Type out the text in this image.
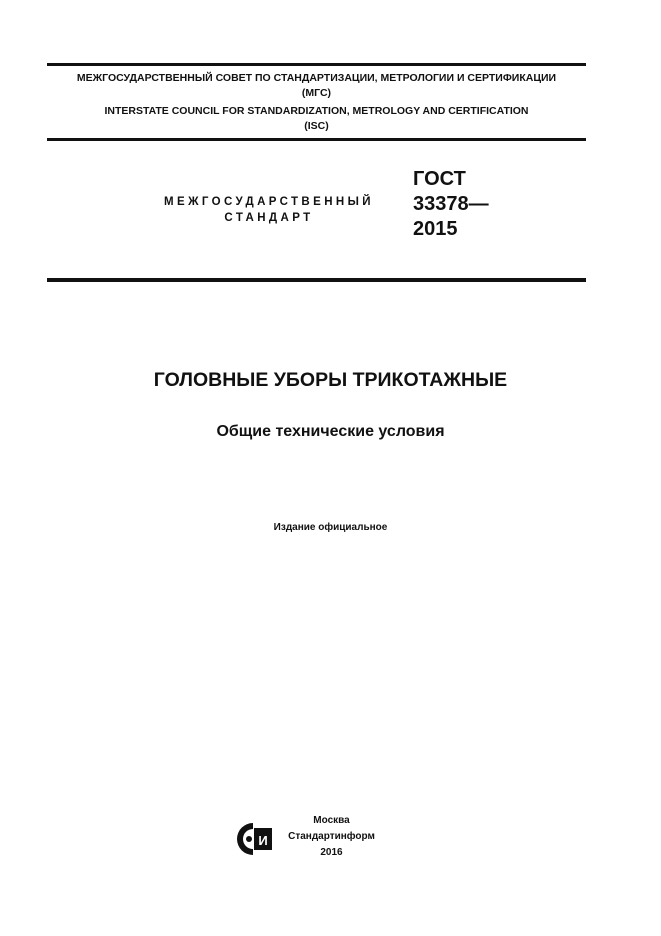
МЕЖГОСУДАРСТВЕННЫЙ СОВЕТ ПО СТАНДАРТИЗАЦИИ, МЕТРОЛОГИИ И СЕРТИФИКАЦИИ
(МГС)
INTERSTATE COUNCIL FOR STANDARDIZATION, METROLOGY AND CERTIFICATION
(ISC)
МЕЖГОСУДАРСТВЕННЫЙ
СТАНДАРТ
ГОСТ
33378—
2015
ГОЛОВНЫЕ УБОРЫ ТРИКОТАЖНЫЕ
Общие технические условия
Издание официальное
И
Москва
Стандартинформ
2016
